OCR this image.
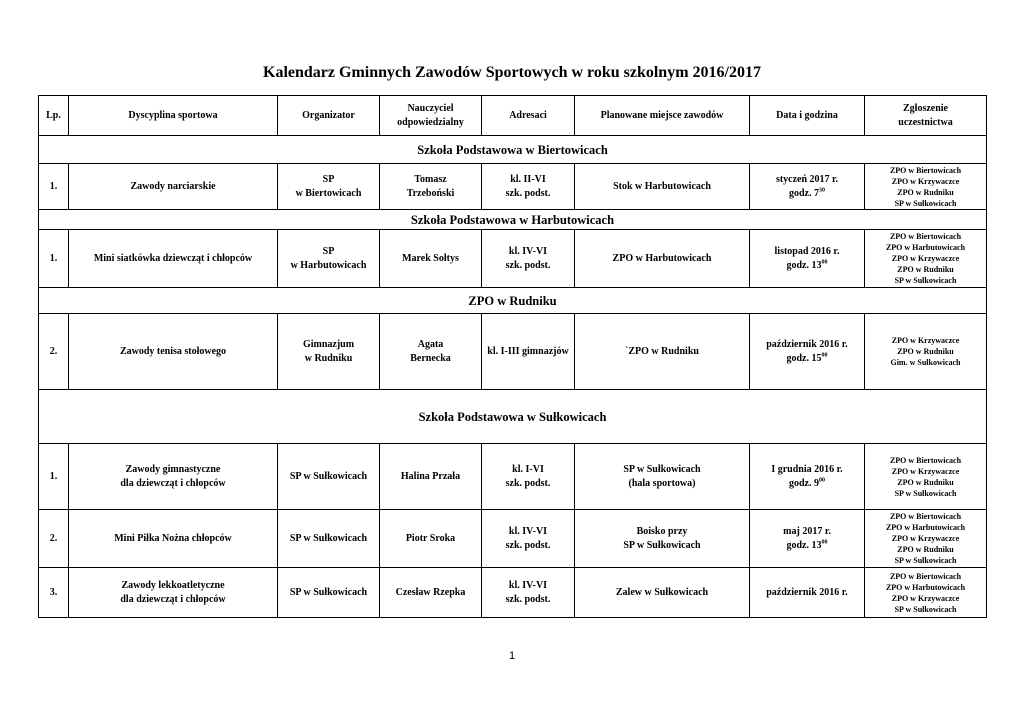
Kalendarz Gminnych Zawodów Sportowych w roku szkolnym 2016/2017
Lp.	Dyscyplina sportowa	Organizator	Nauczyciel
odpowiedzialny	Adresaci	Planowane miejsce zawodów	Data i godzina	Zgłoszenie
uczestnictwa

Szkoła Podstawowa w Biertowicach							
1.	Zawody narciarskie	SP
w Biertowicach	Tomasz
Trzeboński	kl. II-VI
szk. podst.	Stok w Harbutowicach	styczeń 2017 r.
godz. $7^{30}$	ZPO w Biertowicach
ZPO w Krzywaczce
ZPO w Rudniku
SP w Sułkowicach

Szkoła Podstawowa w Harbutowicach							
1.	Mini siatkówka dziewcząt i chłopców	SP
w Harbutowicach	Marek Sołtys	kl. IV-VI
szk. podst.	ZPO w Harbutowicach	listopad 2016 r.
godz. $13^{00}$	ZPO w Biertowicach
ZPO w Harbutowicach
ZPO w Krzywaczce
ZPO w Rudniku
SP w Sułkowicach

ZPO w Rudniku							
2.	Zawody tenisa stołowego	Gimnazjum
w Rudniku	Agata
Bernecka	kl. I-III gimnazjów	`ZPO w Rudniku	październik 2016 r.
godz. $15^{00}$	ZPO w Krzywaczce
ZPO w Rudniku
Gim. w Sułkowicach

Szkoła Podstawowa w Sułkowicach							
1.	Zawody gimnastyczne
dla dziewcząt i chłopców	SP w Sułkowicach	Halina Przała	kl. I-VI
szk. podst.	SP w Sułkowicach
(hala sportowa)	I grudnia 2016 r.
godz. $9^{00}$	ZPO w Biertowicach
ZPO w Krzywaczce
ZPO w Rudniku
SP w Sułkowicach

2.	Mini Piłka Nożna chłopców	SP w Sułkowicach	Piotr Sroka	kl. IV-VI
szk. podst.	Boisko przy
SP w Sułkowicach	maj 2017 r.
godz. $13^{00}$	ZPO w Biertowicach
ZPO w Harbutowicach
ZPO w Krzywaczce
ZPO w Rudniku
SP w Sułkowicach

3.	Zawody lekkoatletyczne
dla dziewcząt i chłopców	SP w Sułkowicach	Czesław Rzepka	kl. IV-VI
szk. podst.	Zalew w Sułkowicach	październik 2016 r.	ZPO w Biertowicach
ZPO w Harbutowicach
ZPO w Krzywaczce
SP w Sułkowicach
1
